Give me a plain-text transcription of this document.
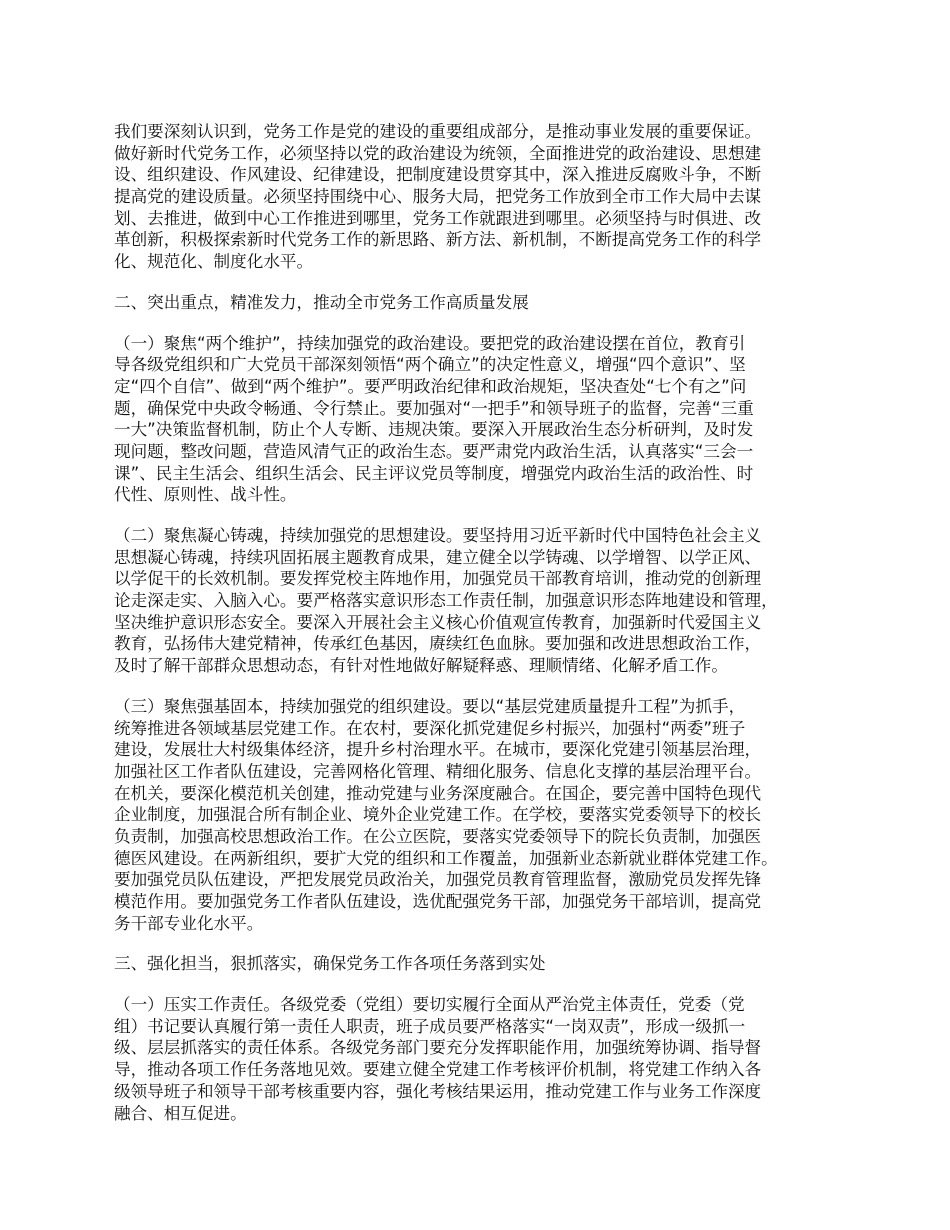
我们要深刻认识到，党务工作是党的建设的重要组成部分，是推动事业发展的重要保证。
做好新时代党务工作，必须坚持以党的政治建设为统领，全面推进党的政治建设、思想建
设、组织建设、作风建设、纪律建设，把制度建设贯穿其中，深入推进反腐败斗争，不断
提高党的建设质量。必须坚持围绕中心、服务大局，把党务工作放到全市工作大局中去谋
划、去推进，做到中心工作推进到哪里，党务工作就跟进到哪里。必须坚持与时俱进、改
革创新，积极探索新时代党务工作的新思路、新方法、新机制，不断提高党务工作的科学
化、规范化、制度化水平。
二、突出重点，精准发力，推动全市党务工作高质量发展
（一）聚焦“两个维护”，持续加强党的政治建设。要把党的政治建设摆在首位，教育引
导各级党组织和广大党员干部深刻领悟“两个确立”的决定性意义，增强“四个意识”、坚
定“四个自信”、做到“两个维护”。要严明政治纪律和政治规矩，坚决查处“七个有之”问
题，确保党中央政令畅通、令行禁止。要加强对“一把手”和领导班子的监督，完善“三重
一大”决策监督机制，防止个人专断、违规决策。要深入开展政治生态分析研判，及时发
现问题，整改问题，营造风清气正的政治生态。要严肃党内政治生活，认真落实“三会一
课”、民主生活会、组织生活会、民主评议党员等制度，增强党内政治生活的政治性、时
代性、原则性、战斗性。
（二）聚焦凝心铸魂，持续加强党的思想建设。要坚持用习近平新时代中国特色社会主义
思想凝心铸魂，持续巩固拓展主题教育成果，建立健全以学铸魂、以学增智、以学正风、
以学促干的长效机制。要发挥党校主阵地作用，加强党员干部教育培训，推动党的创新理
论走深走实、入脑入心。要严格落实意识形态工作责任制，加强意识形态阵地建设和管理，
坚决维护意识形态安全。要深入开展社会主义核心价值观宣传教育，加强新时代爱国主义
教育，弘扬伟大建党精神，传承红色基因，赓续红色血脉。要加强和改进思想政治工作，
及时了解干部群众思想动态，有针对性地做好解疑释惑、理顺情绪、化解矛盾工作。
（三）聚焦强基固本，持续加强党的组织建设。要以“基层党建质量提升工程”为抓手，
统筹推进各领域基层党建工作。在农村，要深化抓党建促乡村振兴，加强村“两委”班子
建设，发展壮大村级集体经济，提升乡村治理水平。在城市，要深化党建引领基层治理，
加强社区工作者队伍建设，完善网格化管理、精细化服务、信息化支撑的基层治理平台。
在机关，要深化模范机关创建，推动党建与业务深度融合。在国企，要完善中国特色现代
企业制度，加强混合所有制企业、境外企业党建工作。在学校，要落实党委领导下的校长
负责制，加强高校思想政治工作。在公立医院，要落实党委领导下的院长负责制，加强医
德医风建设。在两新组织，要扩大党的组织和工作覆盖，加强新业态新就业群体党建工作。
要加强党员队伍建设，严把发展党员政治关，加强党员教育管理监督，激励党员发挥先锋
模范作用。要加强党务工作者队伍建设，选优配强党务干部，加强党务干部培训，提高党
务干部专业化水平。
三、强化担当，狠抓落实，确保党务工作各项任务落到实处
（一）压实工作责任。各级党委（党组）要切实履行全面从严治党主体责任，党委（党
组）书记要认真履行第一责任人职责，班子成员要严格落实“一岗双责”，形成一级抓一
级、层层抓落实的责任体系。各级党务部门要充分发挥职能作用，加强统筹协调、指导督
导，推动各项工作任务落地见效。要建立健全党建工作考核评价机制，将党建工作纳入各
级领导班子和领导干部考核重要内容，强化考核结果运用，推动党建工作与业务工作深度
融合、相互促进。
